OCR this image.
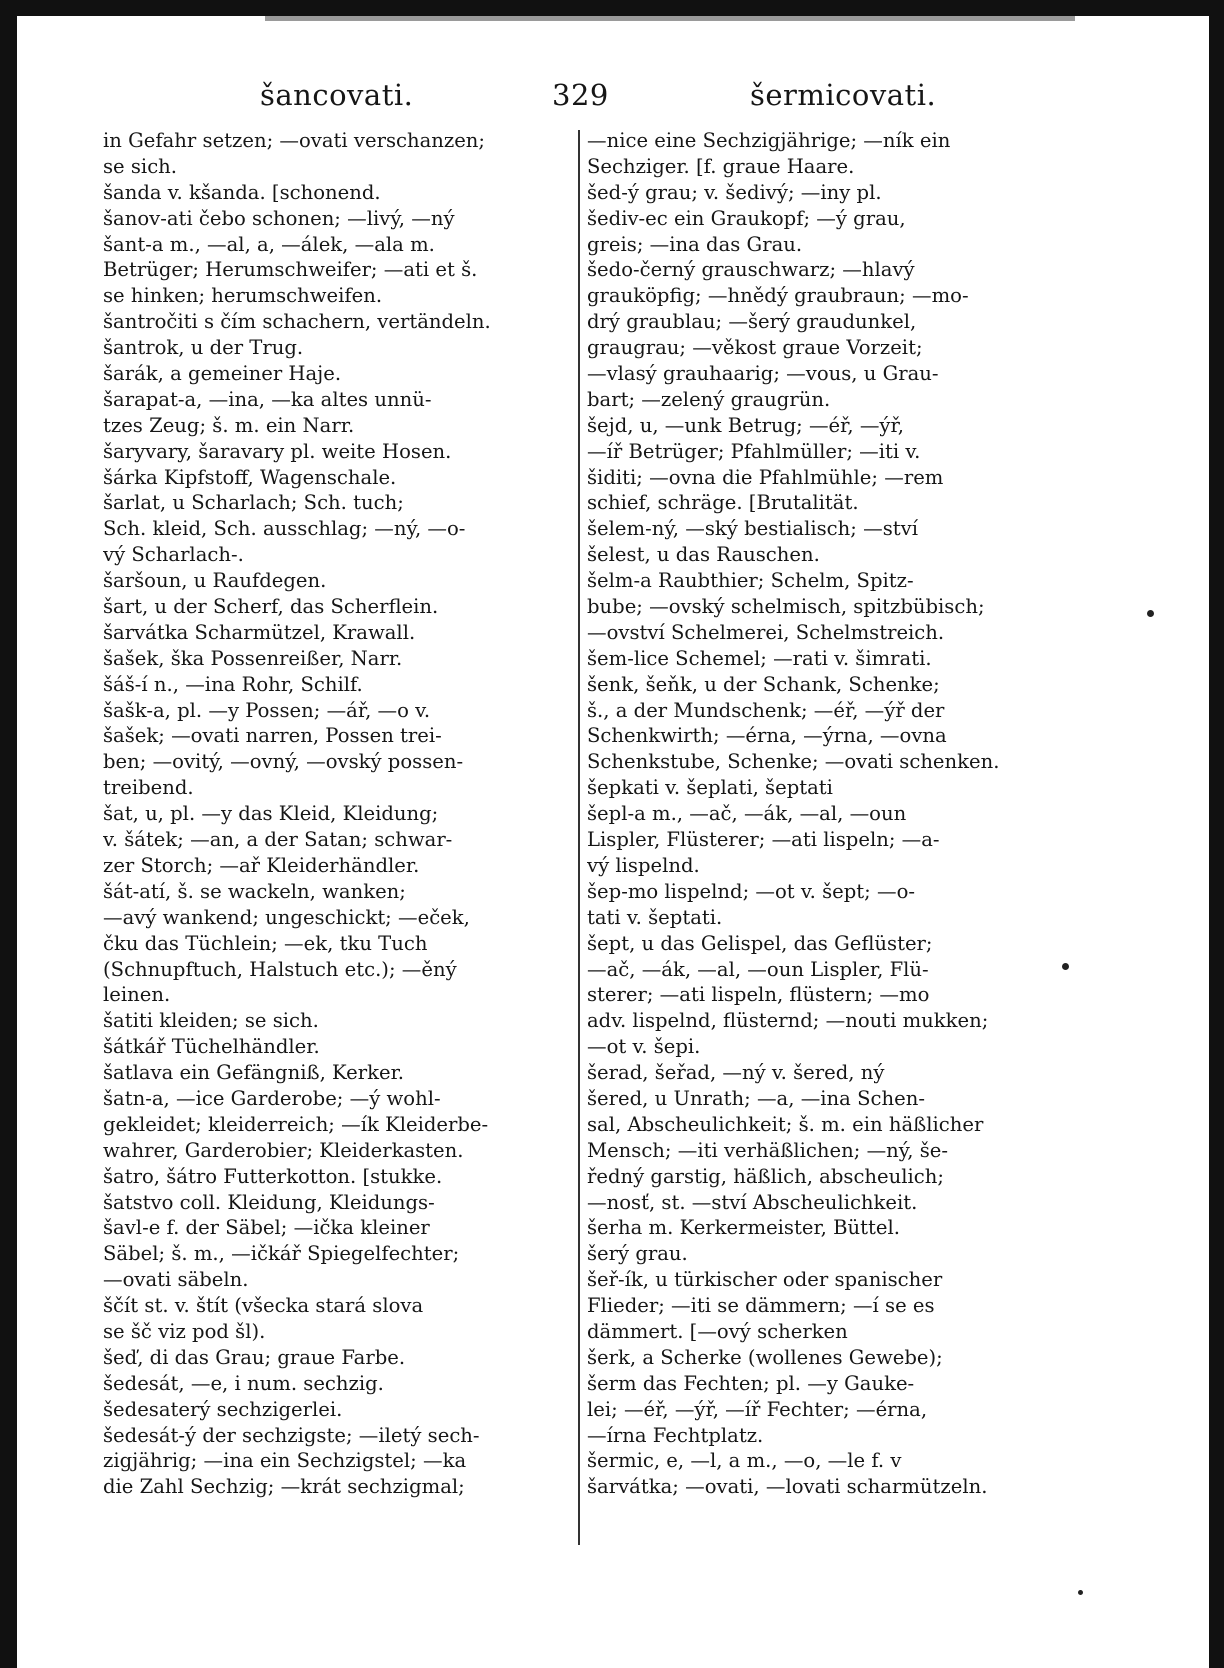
šancovati.	329	šermicovati.
in Gefahr setzen; —ovati verschanzen;
se sich.
šanda v. kšanda. [schonend.
šanov-ati čebo schonen; —livý, —ný
šant-a m., —al, a, —álek, —ala m.
Betrüger; Herumschweifer; —ati et š.
se hinken; herumschweifen.
šantročiti s čím schachern, vertändeln.
šantrok, u der Trug.
šarák, a gemeiner Haje.
šarapat-a, —ina, —ka altes unnü-
tzes Zeug; š. m. ein Narr.
šaryvary, šaravary pl. weite Hosen.
šárka Kipfstoff, Wagenschale.
šarlat, u Scharlach; Sch. tuch;
Sch. kleid, Sch. ausschlag; —ný, —o-
vý Scharlach-.
šaršoun, u Raufdegen.
šart, u der Scherf, das Scherflein.
šarvátka Scharmützel, Krawall.
šašek, ška Possenreißer, Narr.
šáš-í n., —ina Rohr, Schilf.
šašk-a, pl. —y Possen; —ář, —o v.
šašek; —ovati narren, Possen trei-
ben; —ovitý, —ovný, —ovský possen-
treibend.
šat, u, pl. —y das Kleid, Kleidung;
v. šátek; —an, a der Satan; schwar-
zer Storch; —ař Kleiderhändler.
šát-atí, š. se wackeln, wanken;
—avý wankend; ungeschickt; —eček,
čku das Tüchlein; —ek, tku Tuch
(Schnupftuch, Halstuch etc.); —ěný
leinen.
šatiti kleiden; se sich.
šátkář Tüchelhändler.
šatlava ein Gefängniß, Kerker.
šatn-a, —ice Garderobe; —ý wohl-
gekleidet; kleiderreich; —ík Kleiderbe-
wahrer, Garderobier; Kleiderkasten.
šatro, šátro Futterkotton. [stukke.
šatstvo coll. Kleidung, Kleidungs-
šavl-e f. der Säbel; —ička kleiner
Säbel; š. m., —ičkář Spiegelfechter;
—ovati säbeln.
ščít st. v. štít (všecka stará slova
se šč viz pod šl).
šeď, di das Grau; graue Farbe.
šedesát, —e, i num. sechzig.
šedesaterý sechzigerlei.
šedesát-ý der sechzigste; —iletý sech-
zigjährig; —ina ein Sechzigstel; —ka
die Zahl Sechzig; —krát sechzigmal;
—nice eine Sechzigjährige; —ník ein
Sechziger. [f. graue Haare.
šed-ý grau; v. šedivý; —iny pl.
šediv-ec ein Graukopf; —ý grau,
greis; —ina das Grau.
šedo-černý grauschwarz; —hlavý
grauköpfig; —hnědý graubraun; —mo-
drý graublau; —šerý graudunkel,
graugrau; —věkost graue Vorzeit;
—vlasý grauhaarig; —vous, u Grau-
bart; —zelený graugrün.
šejd, u, —unk Betrug; —éř, —ýř,
—íř Betrüger; Pfahlmüller; —iti v.
šiditi; —ovna die Pfahlmühle; —rem
schief, schräge. [Brutalität.
šelem-ný, —ský bestialisch; —ství
šelest, u das Rauschen.
šelm-a Raubthier; Schelm, Spitz-
bube; —ovský schelmisch, spitzbübisch;
—ovství Schelmerei, Schelmstreich.
šem-lice Schemel; —rati v. šimrati.
šenk, šeňk, u der Schank, Schenke;
š., a der Mundschenk; —éř, —ýř der
Schenkwirth; —érna, —ýrna, —ovna
Schenkstube, Schenke; —ovati schenken.
šepkati v. šeplati, šeptati
šepl-a m., —ač, —ák, —al, —oun
Lispler, Flüsterer; —ati lispeln; —a-
vý lispelnd.
šep-mo lispelnd; —ot v. šept; —o-
tati v. šeptati.
šept, u das Gelispel, das Geflüster;
—ač, —ák, —al, —oun Lispler, Flü-
sterer; —ati lispeln, flüstern; —mo
adv. lispelnd, flüsternd; —nouti mukken;
—ot v. šepi.
šerad, šeřad, —ný v. šered, ný
šered, u Unrath; —a, —ina Schen-
sal, Abscheulichkeit; š. m. ein häßlicher
Mensch; —iti verhäßlichen; —ný, še-
ředný garstig, häßlich, abscheulich;
—nosť, st. —ství Abscheulichkeit.
šerha m. Kerkermeister, Büttel.
šerý grau.
šeř-ík, u türkischer oder spanischer
Flieder; —iti se dämmern; —í se es
dämmert. [—ový scherken
šerk, a Scherke (wollenes Gewebe);
šerm das Fechten; pl. —y Gauke-
lei; —éř, —ýř, —íř Fechter; —érna,
—írna Fechtplatz.
šermic, e, —l, a m., —o, —le f. v
šarvátka; —ovati, —lovati scharmützeln.
